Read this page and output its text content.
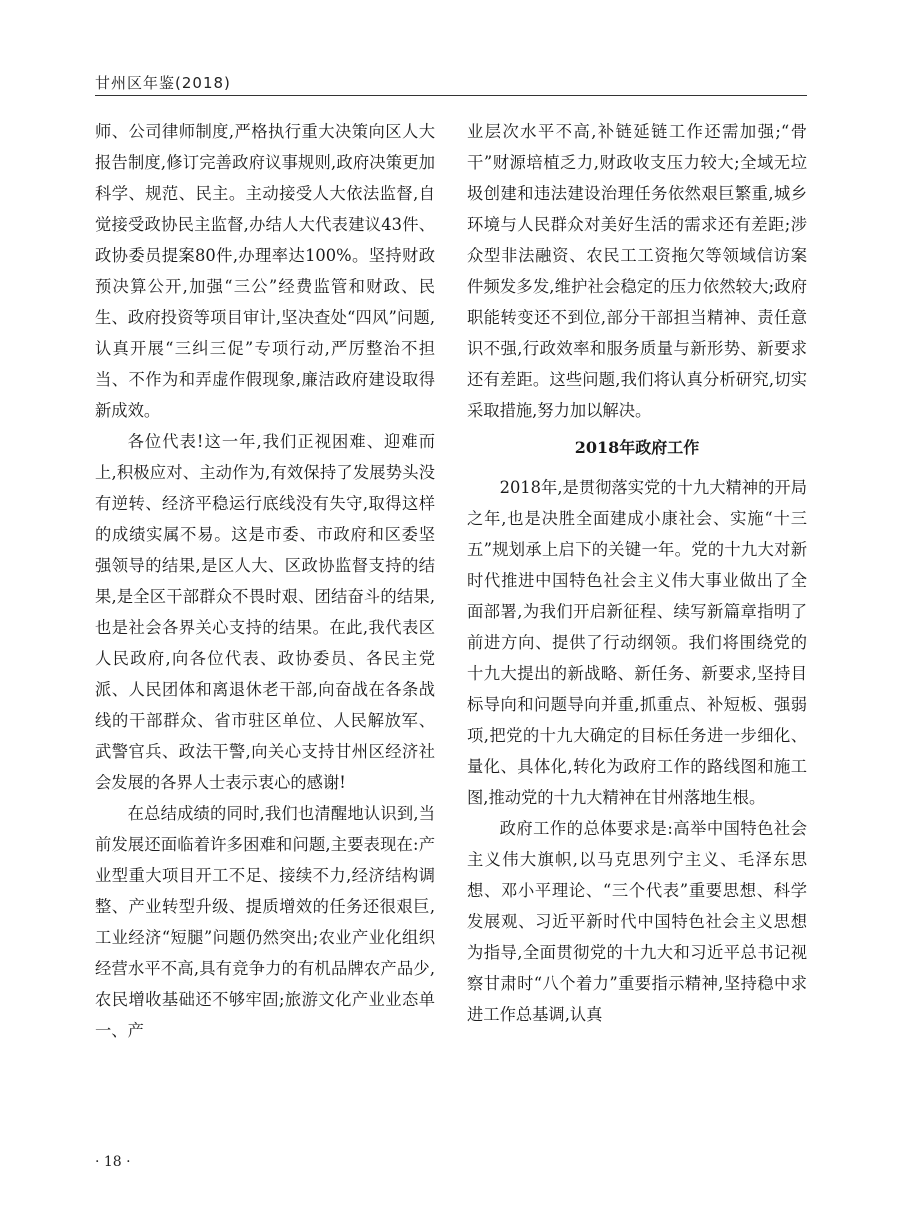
甘州区年鉴(2018)

师、公司律师制度,严格执行重大决策向区人大报告制度,修订完善政府议事规则,政府决策更加科学、规范、民主。主动接受人大依法监督,自觉接受政协民主监督,办结人大代表建议43件、政协委员提案80件,办理率达100%。坚持财政预决算公开,加强“三公”经费监管和财政、民生、政府投资等项目审计,坚决查处“四风”问题,认真开展“三纠三促”专项行动,严厉整治不担当、不作为和弄虚作假现象,廉洁政府建设取得新成效。

各位代表!这一年,我们正视困难、迎难而上,积极应对、主动作为,有效保持了发展势头没有逆转、经济平稳运行底线没有失守,取得这样的成绩实属不易。这是市委、市政府和区委坚强领导的结果,是区人大、区政协监督支持的结果,是全区干部群众不畏时艰、团结奋斗的结果,也是社会各界关心支持的结果。在此,我代表区人民政府,向各位代表、政协委员、各民主党派、人民团体和离退休老干部,向奋战在各条战线的干部群众、省市驻区单位、人民解放军、武警官兵、政法干警,向关心支持甘州区经济社会发展的各界人士表示衷心的感谢!

在总结成绩的同时,我们也清醒地认识到,当前发展还面临着许多困难和问题,主要表现在:产业型重大项目开工不足、接续不力,经济结构调整、产业转型升级、提质增效的任务还很艰巨,工业经济“短腿”问题仍然突出;农业产业化组织经营水平不高,具有竞争力的有机品牌农产品少,农民增收基础还不够牢固;旅游文化产业业态单一、产

业层次水平不高,补链延链工作还需加强;“骨干”财源培植乏力,财政收支压力较大;全域无垃圾创建和违法建设治理任务依然艰巨繁重,城乡环境与人民群众对美好生活的需求还有差距;涉众型非法融资、农民工工资拖欠等领域信访案件频发多发,维护社会稳定的压力依然较大;政府职能转变还不到位,部分干部担当精神、责任意识不强,行政效率和服务质量与新形势、新要求还有差距。这些问题,我们将认真分析研究,切实采取措施,努力加以解决。

2018年政府工作

2018年,是贯彻落实党的十九大精神的开局之年,也是决胜全面建成小康社会、实施“十三五”规划承上启下的关键一年。党的十九大对新时代推进中国特色社会主义伟大事业做出了全面部署,为我们开启新征程、续写新篇章指明了前进方向、提供了行动纲领。我们将围绕党的十九大提出的新战略、新任务、新要求,坚持目标导向和问题导向并重,抓重点、补短板、强弱项,把党的十九大确定的目标任务进一步细化、量化、具体化,转化为政府工作的路线图和施工图,推动党的十九大精神在甘州落地生根。

政府工作的总体要求是:高举中国特色社会主义伟大旗帜,以马克思列宁主义、毛泽东思想、邓小平理论、“三个代表”重要思想、科学发展观、习近平新时代中国特色社会主义思想为指导,全面贯彻党的十九大和习近平总书记视察甘肃时“八个着力”重要指示精神,坚持稳中求进工作总基调,认真

· 18 ·
